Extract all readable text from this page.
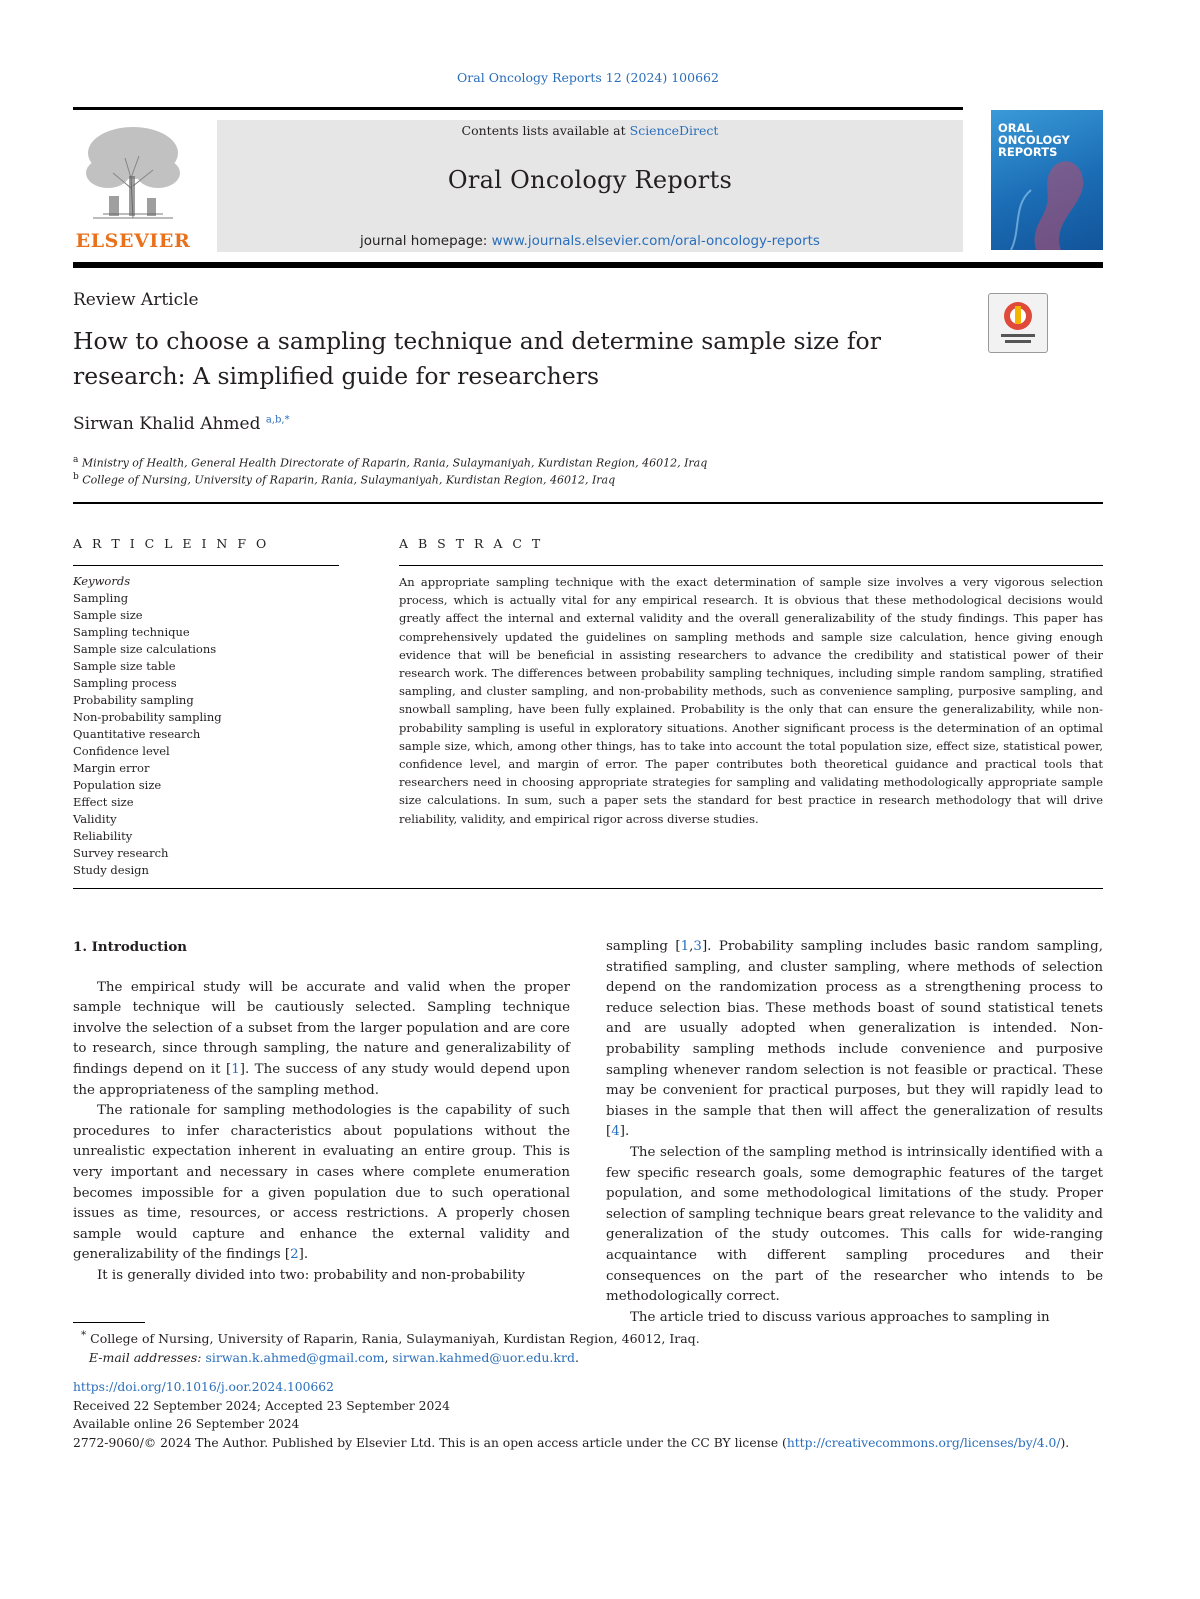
Oral Oncology Reports 12 (2024) 100662
ELSEVIER
Contents lists available at ScienceDirect
Oral Oncology Reports
journal homepage: www.journals.elsevier.com/oral-oncology-reports
ORAL
ONCOLOGY
REPORTS
Review Article
How to choose a sampling technique and determine sample size for research: A simplified guide for researchers
Sirwan Khalid Ahmed $^{a,b,*}$
$^a$ Ministry of Health, General Health Directorate of Raparin, Rania, Sulaymaniyah, Kurdistan Region, 46012, Iraq
$^b$ College of Nursing, University of Raparin, Rania, Sulaymaniyah, Kurdistan Region, 46012, Iraq
A R T I C L E I N F O
Keywords
Sampling
Sample size
Sampling technique
Sample size calculations
Sample size table
Sampling process
Probability sampling
Non-probability sampling
Quantitative research
Confidence level
Margin error
Population size
Effect size
Validity
Reliability
Survey research
Study design
A B S T R A C T
An appropriate sampling technique with the exact determination of sample size involves a very vigorous selection process, which is actually vital for any empirical research. It is obvious that these methodological decisions would greatly affect the internal and external validity and the overall generalizability of the study findings. This paper has comprehensively updated the guidelines on sampling methods and sample size calculation, hence giving enough evidence that will be beneficial in assisting researchers to advance the credibility and statistical power of their research work. The differences between probability sampling techniques, including simple random sampling, stratified sampling, and cluster sampling, and non-probability methods, such as convenience sampling, purposive sampling, and snowball sampling, have been fully explained. Probability is the only that can ensure the generalizability, while non-probability sampling is useful in exploratory situations. Another significant process is the determination of an optimal sample size, which, among other things, has to take into account the total population size, effect size, statistical power, confidence level, and margin of error. The paper contributes both theoretical guidance and practical tools that researchers need in choosing appropriate strategies for sampling and validating methodologically appropriate sample size calculations. In sum, such a paper sets the standard for best practice in research methodology that will drive reliability, validity, and empirical rigor across diverse studies.

1. Introduction

The empirical study will be accurate and valid when the proper sample technique will be cautiously selected. Sampling technique involve the selection of a subset from the larger population and are core to research, since through sampling, the nature and generalizability of findings depend on it [1]. The success of any study would depend upon the appropriateness of the sampling method.

The rationale for sampling methodologies is the capability of such procedures to infer characteristics about populations without the unrealistic expectation inherent in evaluating an entire group. This is very important and necessary in cases where complete enumeration becomes impossible for a given population due to such operational issues as time, resources, or access restrictions. A properly chosen sample would capture and enhance the external validity and generalizability of the findings [2].

It is generally divided into two: probability and non-probability

sampling [1,3]. Probability sampling includes basic random sampling, stratified sampling, and cluster sampling, where methods of selection depend on the randomization process as a strengthening process to reduce selection bias. These methods boast of sound statistical tenets and are usually adopted when generalization is intended. Non-probability sampling methods include convenience and purposive sampling whenever random selection is not feasible or practical. These may be convenient for practical purposes, but they will rapidly lead to biases in the sample that then will affect the generalization of results [4].

The selection of the sampling method is intrinsically identified with a few specific research goals, some demographic features of the target population, and some methodological limitations of the study. Proper selection of sampling technique bears great relevance to the validity and generalization of the study outcomes. This calls for wide-ranging acquaintance with different sampling procedures and their consequences on the part of the researcher who intends to be methodologically correct.

The article tried to discuss various approaches to sampling in

* College of Nursing, University of Raparin, Rania, Sulaymaniyah, Kurdistan Region, 46012, Iraq.
E-mail addresses: sirwan.k.ahmed@gmail.com, sirwan.kahmed@uor.edu.krd.
https://doi.org/10.1016/j.oor.2024.100662
Received 22 September 2024; Accepted 23 September 2024
Available online 26 September 2024
2772-9060/© 2024 The Author. Published by Elsevier Ltd. This is an open access article under the CC BY license (http://creativecommons.org/licenses/by/4.0/).
